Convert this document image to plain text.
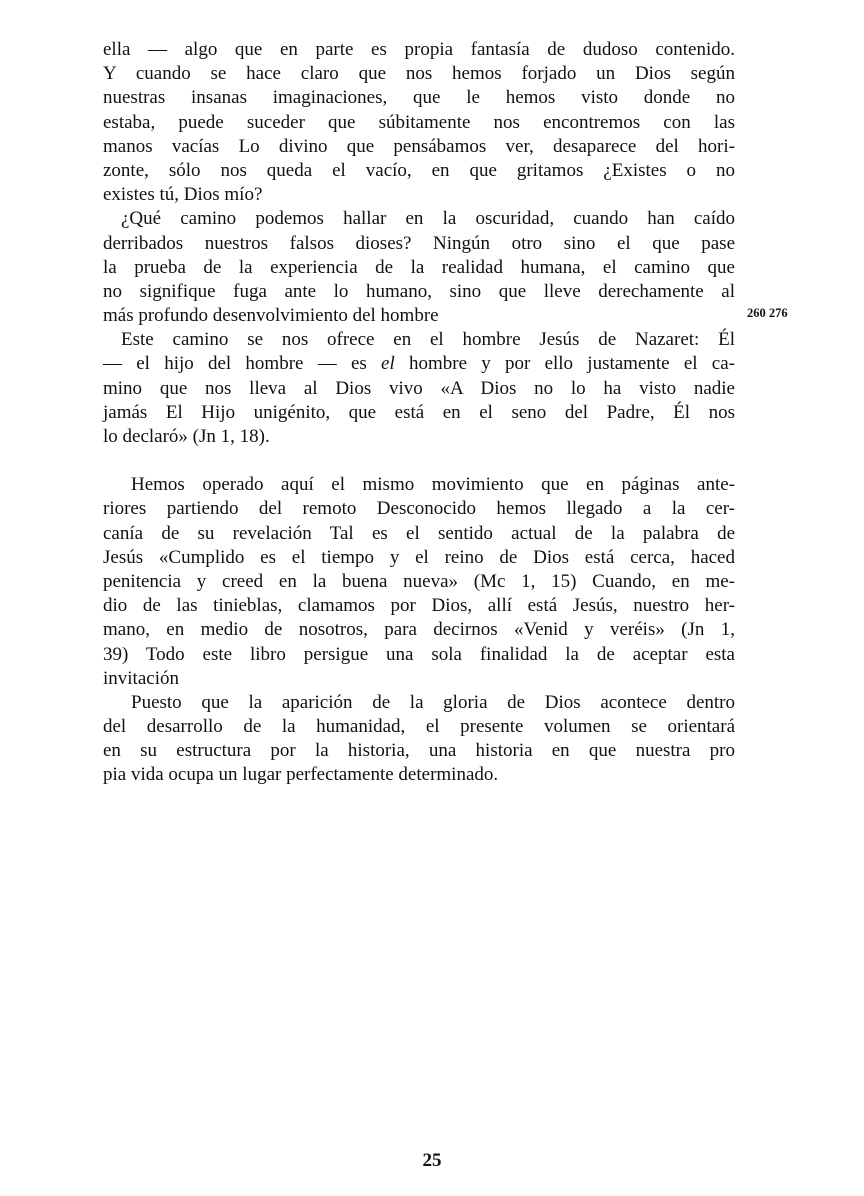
ella — algo que en parte es propia fantasía de dudoso contenido.
Y cuando se hace claro que nos hemos forjado un Dios según
nuestras insanas imaginaciones, que le hemos visto donde no
estaba, puede suceder que súbitamente nos encontremos con las
manos vacías Lo divino que pensábamos ver, desaparece del hori-
zonte, sólo nos queda el vacío, en que gritamos ¿Existes o no
existes tú, Dios mío?
¿Qué camino podemos hallar en la oscuridad, cuando han caído
derribados nuestros falsos dioses? Ningún otro sino el que pase
la prueba de la experiencia de la realidad humana, el camino que
no signifique fuga ante lo humano, sino que lleve derechamente al
más profundo desenvolvimiento del hombre
Este camino se nos ofrece en el hombre Jesús de Nazaret: Él
— el hijo del hombre — es el hombre y por ello justamente el ca-
mino que nos lleva al Dios vivo «A Dios no lo ha visto nadie
jamás El Hijo unigénito, que está en el seno del Padre, Él nos
lo declaró» (Jn 1, 18).
Hemos operado aquí el mismo movimiento que en páginas ante-
riores partiendo del remoto Desconocido hemos llegado a la cer-
canía de su revelación Tal es el sentido actual de la palabra de
Jesús «Cumplido es el tiempo y el reino de Dios está cerca, haced
penitencia y creed en la buena nueva» (Mc 1, 15) Cuando, en me-
dio de las tinieblas, clamamos por Dios, allí está Jesús, nuestro her-
mano, en medio de nosotros, para decirnos «Venid y veréis» (Jn 1,
39) Todo este libro persigue una sola finalidad la de aceptar esta
invitación
Puesto que la aparición de la gloria de Dios acontece dentro
del desarrollo de la humanidad, el presente volumen se orientará
en su estructura por la historia, una historia en que nuestra pro
pia vida ocupa un lugar perfectamente determinado.
260 276
25
